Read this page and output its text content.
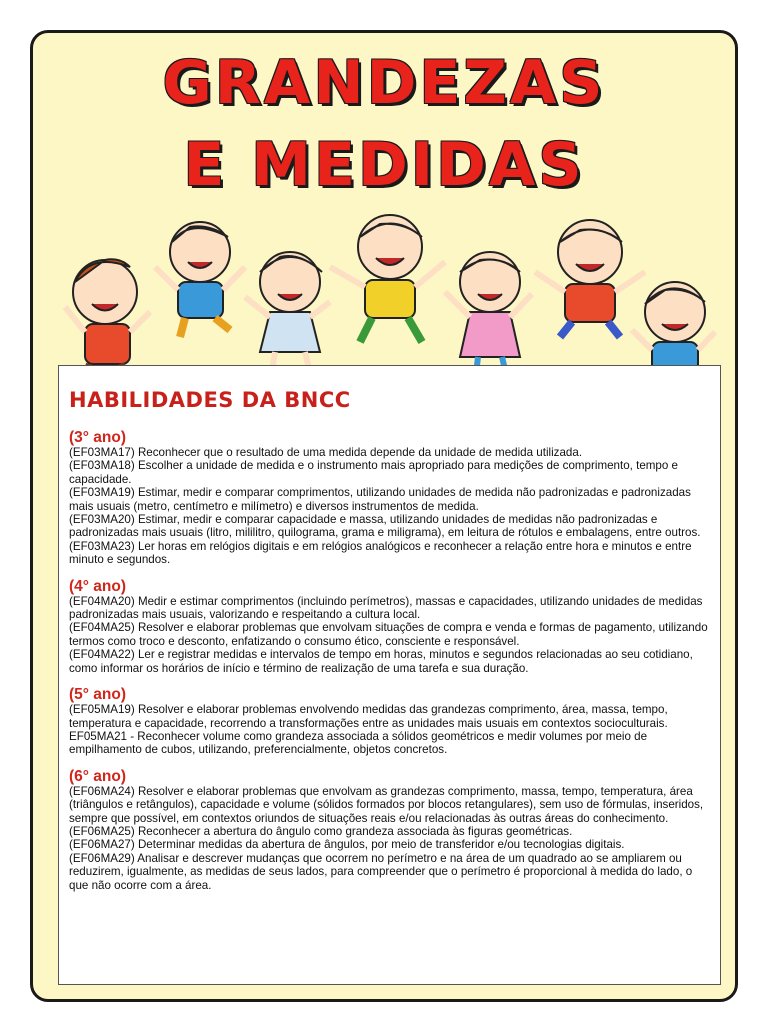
GRANDEZAS
E MEDIDAS
HABILIDADES DA BNCC

(3° ano)

(EF03MA17) Reconhecer que o resultado de uma medida depende da unidade de medida utilizada.

(EF03MA18) Escolher a unidade de medida e o instrumento mais apropriado para medições de comprimento, tempo e capacidade.

(EF03MA19) Estimar, medir e comparar comprimentos, utilizando unidades de medida não padronizadas e padronizadas mais usuais (metro, centímetro e milímetro) e diversos instrumentos de medida.

(EF03MA20) Estimar, medir e comparar capacidade e massa, utilizando unidades de medidas não padronizadas e padronizadas mais usuais (litro, mililitro, quilograma, grama e miligrama), em leitura de rótulos e embalagens, entre outros.

(EF03MA23) Ler horas em relógios digitais e em relógios analógicos e reconhecer a relação entre hora e minutos e entre minuto e segundos.

(4° ano)

(EF04MA20) Medir e estimar comprimentos (incluindo perímetros), massas e capacidades, utilizando unidades de medidas padronizadas mais usuais, valorizando e respeitando a cultura local.

(EF04MA25) Resolver e elaborar problemas que envolvam situações de compra e venda e formas de pagamento, utilizando termos como troco e desconto, enfatizando o consumo ético, consciente e responsável.

(EF04MA22) Ler e registrar medidas e intervalos de tempo em horas, minutos e segundos relacionadas ao seu cotidiano, como informar os horários de início e término de realização de uma tarefa e sua duração.

(5° ano)

(EF05MA19) Resolver e elaborar problemas envolvendo medidas das grandezas comprimento, área, massa, tempo, temperatura e capacidade, recorrendo a transformações entre as unidades mais usuais em contextos socioculturais.

EF05MA21 - Reconhecer volume como grandeza associada a sólidos geométricos e medir volumes por meio de empilhamento de cubos, utilizando, preferencialmente, objetos concretos.

(6° ano)

(EF06MA24) Resolver e elaborar problemas que envolvam as grandezas comprimento, massa, tempo, temperatura, área (triângulos e retângulos), capacidade e volume (sólidos formados por blocos retangulares), sem uso de fórmulas, inseridos, sempre que possível, em contextos oriundos de situações reais e/ou relacionadas às outras áreas do conhecimento.

(EF06MA25) Reconhecer a abertura do ângulo como grandeza associada às figuras geométricas.

(EF06MA27) Determinar medidas da abertura de ângulos, por meio de transferidor e/ou tecnologias digitais.

(EF06MA29) Analisar e descrever mudanças que ocorrem no perímetro e na área de um quadrado ao se ampliarem ou reduzirem, igualmente, as medidas de seus lados, para compreender que o perímetro é proporcional à medida do lado, o que não ocorre com a área.
